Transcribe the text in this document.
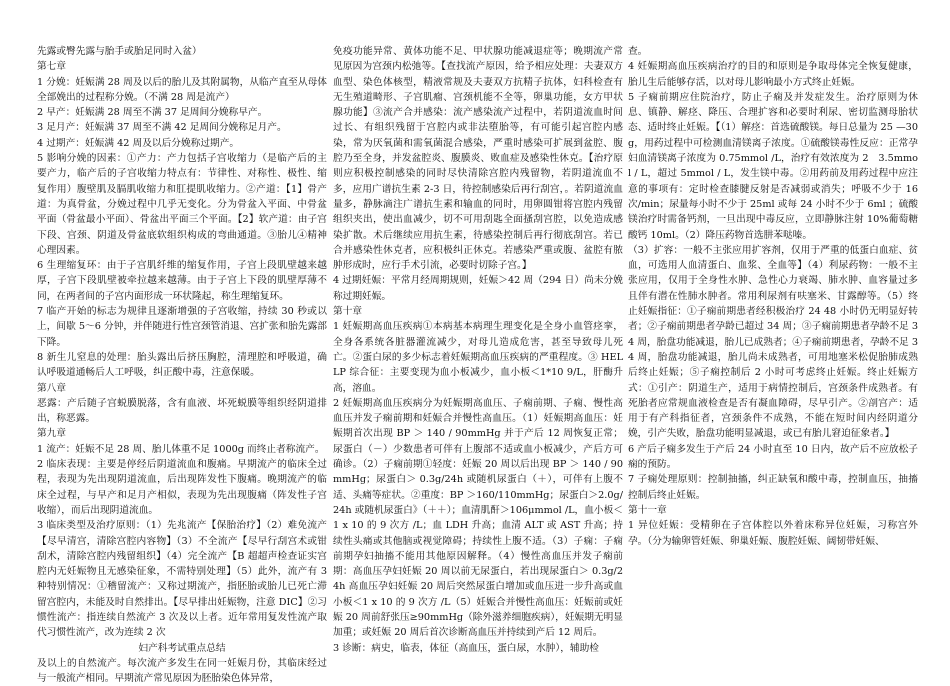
先露或臀先露与胎手或胎足同时入盆）

第七章

1 分娩：妊娠满 28 周及以后的胎儿及其附属物，从临产直至从母体全部娩出的过程称分娩。（不满 28 周是流产）

2 早产：妊娠满 28 周至不满 37 足周间分娩称早产。

3 足月产：妊娠满 37 周至不满 42 足周间分娩称足月产。

4 过期产：妊娠满 42 周及以后分娩称过期产。

5 影响分娩的因素：①产力：产力包括子宫收缩力（是临产后的主要产力，临产后的子宫收缩力特点有：节律性、对称性、极性、缩复作用）腹壁肌及膈肌收缩力和肛提肌收缩力。②产道：【1】骨产道：为真骨盆，分娩过程中几乎无变化。分为骨盆入平面、中骨盆平面（骨盆最小平面）、骨盆出平面三个平面。【2】软产道：由子宫下段、宫颈、阴道及骨盆底软组织构成的弯曲通道。③胎儿④精神心理因素。

6 生理缩复环：由于子宫肌纤维的缩复作用，子宫上段肌壁越来越厚，子宫下段肌壁被牵拉越来越薄。由于子宫上下段的肌壁厚薄不同，在两者间的子宫内面形成一环状隆起，称生理缩复环。

7 临产开始的标志为规律且逐渐增强的子宫收缩，持续 30 秒或以上，间歇 5～6 分钟，并伴随进行性宫颈管消退、宫扩张和胎先露部下降。

8 新生儿窒息的处理：胎头露出后挤压胸腔，清理腔和呼吸道，确认呼吸道通畅后人工呼吸，纠正酸中毒，注意保暖。

第八章

恶露：产后随子宫蜕膜脱落，含有血液、坏死蜕膜等组织经阴道排出，称恶露。

第九章

1 流产：妊娠不足 28 周、胎儿体重不足 1000g 而终止者称流产。

2 临床表现：主要是停经后阴道流血和腹痛。早期流产的临床全过程，表现为先出现阴道流血，后出现阵发性下腹痛。晚期流产的临床全过程，与早产和足月产相似，表现为先出现腹痛（阵发性子宫收缩），而后出现阴道流血。

3 临床类型及治疗原则：（1）先兆流产【保胎治疗】（2）难免流产【尽早清宫，清除宫腔内容物】（3）不全流产【尽早行刮宫术或钳刮术，清除宫腔内残留组织】（4）完全流产【B 超超声检查证实宫腔内无妊娠物且无感染征象，不需特别处理】（5）此外，流产有 3 种特别情况：①稽留流产：又称过期流产，指胚胎或胎儿已死亡滞留宫腔内，未能及时自然排出。【尽早排出妊娠物，注意 DIC】②习惯性流产：指连续自然流产 3 次及以上者。近年常用复发性流产取代习惯性流产，改为连续 2 次

妇产科考试重点总结

及以上的自然流产。每次流产多发生在同一妊娠月份，其临床经过与一般流产相同。早期流产常见原因为胚胎染色体异常，

免疫功能异常、黄体功能不足、甲状腺功能减退症等；晚期流产常见原因为宫颈内松弛等。【查找流产原因，给予相应处理：夫妻双方血型、染色体核型，精液常规及夫妻双方抗精子抗体，妇科检查有无生殖道畸形、子宫肌瘤、宫颈机能不全等，卵巢功能，女方甲状腺功能】③流产合并感染：流产感染流产过程中，若阴道流血时间过长、有组织残留于宫腔内或非法堕胎等，有可能引起宫腔内感染，常为厌氧菌和需氧菌混合感染，严重时感染可扩展到盆腔、腹腔乃至全身，并发盆腔炎、腹膜炎、败血症及感染性休克。【治疗原则应积极控制感染的同时尽快清除宫腔内残留物，若阴道流血不多，应用广谱抗生素 2-3 日，待控制感染后再行刮宫，。若阴道流血量多，静脉滴注广谱抗生素和输血的同时，用卵圆钳将宫腔内残留组织夹出，使出血减少，切不可用刮匙全面搔刮宫腔，以免造成感染扩散。术后继续应用抗生素，待感染控制后再行彻底刮宫。若已合并感染性休克者，应积极纠正休克。若感染严重或腹、盆腔有脓肿形成时，应行手术引流，必要时切除子宫。】

4 过期妊娠：平常月经周期规则，妊娠＞42 周（294 日）尚未分娩称过期妊娠。

第十章

1 妊娠期高血压疾病①本病基本病理生理变化是全身小血管痉挛，全身各系统各脏器灌流减少，对母儿造成危害，甚至导致母儿死亡。②蛋白尿的多少标志着妊娠期高血压疾病的严重程度。③ HELLP 综合征：主要变现为血小板减少，血小板＜1*10 9/L，肝酶升高，溶血。

2 妊娠期高血压疾病分为妊娠期高血压、子痫前期、子痫、慢性高血压并发子痫前期和妊娠合并慢性高血压。（1）妊娠期高血压：妊娠期首次出现 BP ＞ 140 / 90mmHg 并于产后 12 周恢复正常；尿蛋白（－）少数患者可伴有上腹部不适或血小板减少，产后方可确诊。（2）子痫前期①轻度：妊娠 20 周以后出现 BP ＞ 140 / 90mmHg；尿蛋白＞ 0.3g/24h 或随机尿蛋白（＋），可伴有上腹不适、头痛等症状。②重度：BP ＞160/110mmHg；尿蛋白＞2.0g/24h 或随机尿蛋白》（＋＋）；血清肌酐＞106μmmol /L，血小板＜1 x 10 的 9 次方 /L；血 LDH 升高；血清 ALT 或 AST 升高；持续性头痛或其他脑或视觉障碍；持续性上腹不适。（3）子痫：子痫前期孕妇抽搐不能用其他原因解释。（4）慢性高血压并发子痫前期：高血压孕妇妊娠 20 周以前无尿蛋白，若出现尿蛋白＞ 0.3g/24h 高血压孕妇妊娠 20 周后突然尿蛋白增加或血压进一步升高或血小板＜1 x 10 的 9 次方 /L（5）妊娠合并慢性高血压：妊娠前或妊娠 20 周前舒张压≥90mmHg（除外滋养细胞疾病），妊娠期无明显加重；或妊娠 20 周后首次诊断高血压并持续到产后 12 周后。

3 诊断：病史，临表，体征（高血压，蛋白尿，水肿），辅助检

查。

4 妊娠期高血压疾病治疗的目的和原则是争取母体完全恢复健康，胎儿生后能够存活，以对母儿影响最小方式终止妊娠。

5 子痫前期应住院治疗，防止子痫及并发症发生。治疗原则为休息、镇静、解痉、降压、合理扩容和必要时利尿、密切监测母胎状态、适时终止妊娠。【（1）解痉：首选硫酸镁。每日总量为 25 —30g，用药过程中可检测血清镁离子浓度。①硫酸镁毒性反应：正常孕妇血清镁离子浓度为 0.75mmol /L，治疗有效浓度为 2　3.5mmol / L，超过 5mmol / L，发生镁中毒。②用药前及用药过程中应注意的事项有：定时检查膝腱反射是否减弱或消失；呼吸不少于 16 次/min；尿量每小时不少于 25ml 或每 24 小时不少于 6ml ；硫酸镁治疗时需备钙剂，一旦出现中毒反应，立即静脉注射 10%葡萄糖酸钙 10ml。（2）降压药物首选肼苯哒嗪。

（3）扩容：一般不主张应用扩容剂，仅用于严重的低蛋白血症、贫血，可选用人血清蛋白、血浆、全血等】（4）利尿药物：一般不主张应用，仅用于全身性水肿、急性心力衰竭、肺水肿、血容量过多且伴有潜在性肺水肿者。常用利尿剂有呋塞米、甘露醇等。（5）终止妊娠指征：①子痫前期患者经积极治疗 24 48 小时仍无明显好转者；②子痫前期患者孕龄已超过 34 周；③子痫前期患者孕龄不足 34 周，胎盘功能减退，胎儿已成熟者；④子痫前期患者，孕龄不足 34 周，胎盘功能减退，胎儿尚未成熟者，可用地塞米松促胎肺成熟后终止妊娠；⑤子痫控制后 2 小时可考虑终止妊娠。终止妊娠方式：①引产：阴道生产，适用于病情控制后，宫颈条件成熟者。有死胎者应常规血液检查是否有凝血障碍，尽早引产。②剖宫产：适用于有产科指征者，宫颈条件不成熟，不能在短时间内经阴道分娩，引产失败，胎盘功能明显减退，或已有胎儿窘迫征象者。】

6 产后子痫多发生于产后 24 小时直至 10 日内，故产后不应放松子痫的预防。

7 子痫处理原则：控制抽搐，纠正缺氧和酸中毒，控制血压，抽搐控制后终止妊娠。

第十一章

1 异位妊娠：受精卵在子宫体腔以外着床称异位妊娠，习称宫外孕。（分为输卵管妊娠、卵巢妊娠、腹腔妊娠、阔韧带妊娠、
